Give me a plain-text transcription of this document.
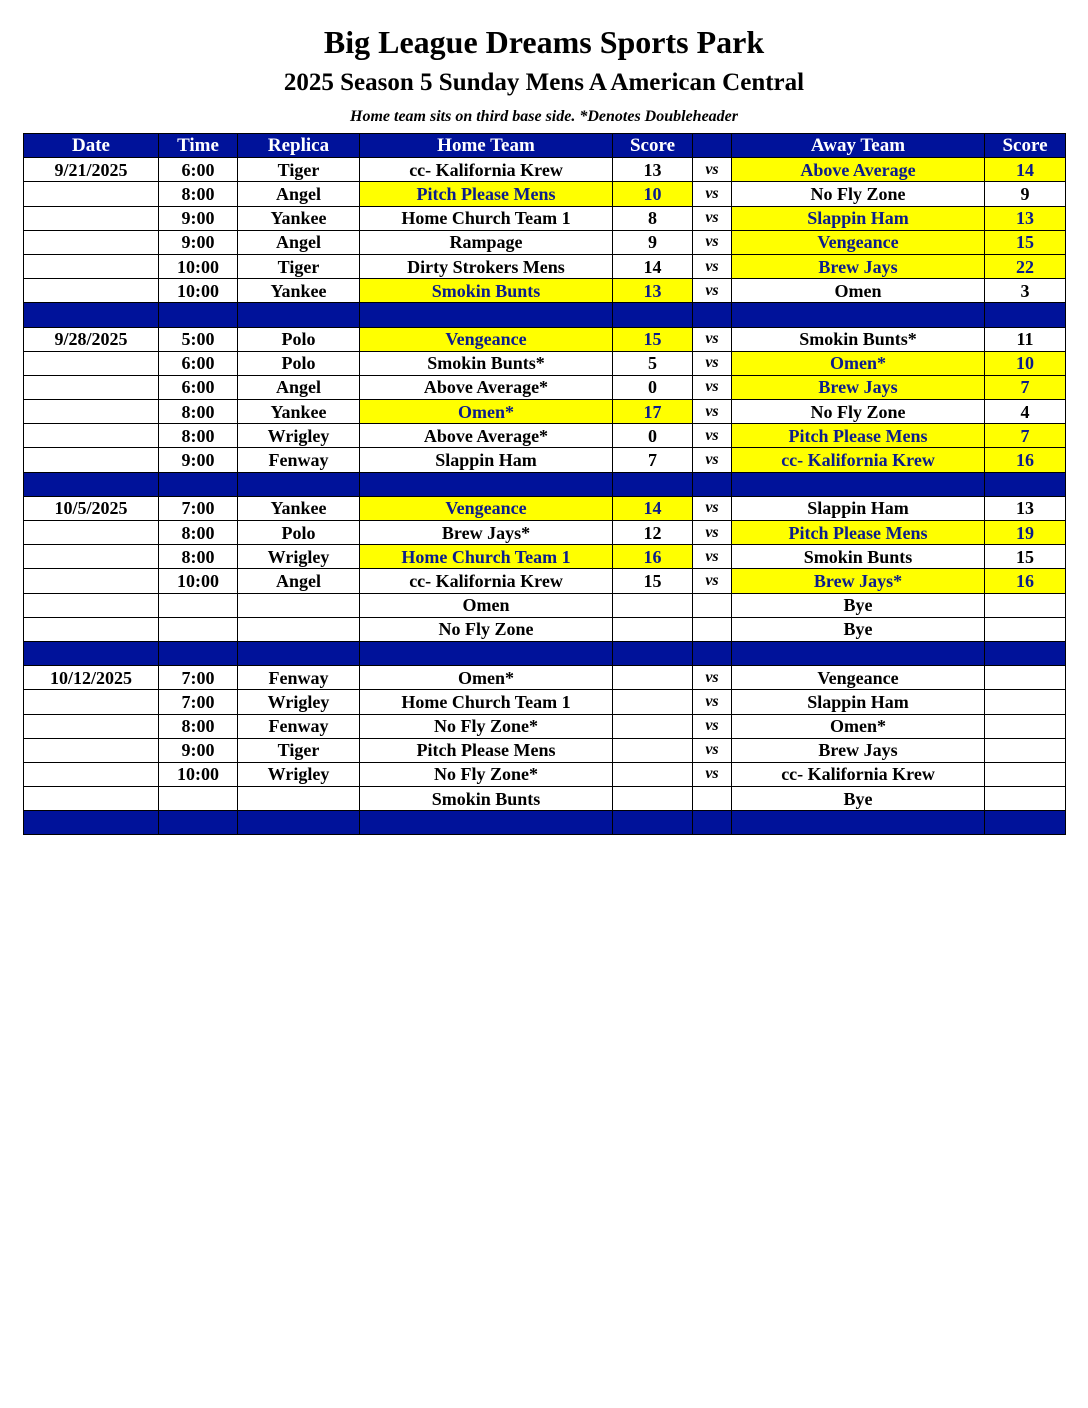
Big League Dreams Sports Park
2025 Season 5 Sunday Mens A American Central
Home team sits on third base side. *Denotes Doubleheader
Date	Time	Replica	Home Team	Score		Away Team	Score
9/21/2025	6:00	Tiger	cc- Kalifornia Krew	13	vs	Above Average	14
	8:00	Angel	Pitch Please Mens	10	vs	No Fly Zone	9
	9:00	Yankee	Home Church Team 1	8	vs	Slappin Ham	13
	9:00	Angel	Rampage	9	vs	Vengeance	15
	10:00	Tiger	Dirty Strokers Mens	14	vs	Brew Jays	22
	10:00	Yankee	Smokin Bunts	13	vs	Omen	3

9/28/2025	5:00	Polo	Vengeance	15	vs	Smokin Bunts*	11
	6:00	Polo	Smokin Bunts*	5	vs	Omen*	10
	6:00	Angel	Above Average*	0	vs	Brew Jays	7
	8:00	Yankee	Omen*	17	vs	No Fly Zone	4
	8:00	Wrigley	Above Average*	0	vs	Pitch Please Mens	7
	9:00	Fenway	Slappin Ham	7	vs	cc- Kalifornia Krew	16

10/5/2025	7:00	Yankee	Vengeance	14	vs	Slappin Ham	13
	8:00	Polo	Brew Jays*	12	vs	Pitch Please Mens	19
	8:00	Wrigley	Home Church Team 1	16	vs	Smokin Bunts	15
	10:00	Angel	cc- Kalifornia Krew	15	vs	Brew Jays*	16
			Omen			Bye	
			No Fly Zone			Bye	

10/12/2025	7:00	Fenway	Omen*		vs	Vengeance	
	7:00	Wrigley	Home Church Team 1		vs	Slappin Ham	
	8:00	Fenway	No Fly Zone*		vs	Omen*	
	9:00	Tiger	Pitch Please Mens		vs	Brew Jays	
	10:00	Wrigley	No Fly Zone*		vs	cc- Kalifornia Krew	
			Smokin Bunts			Bye	
